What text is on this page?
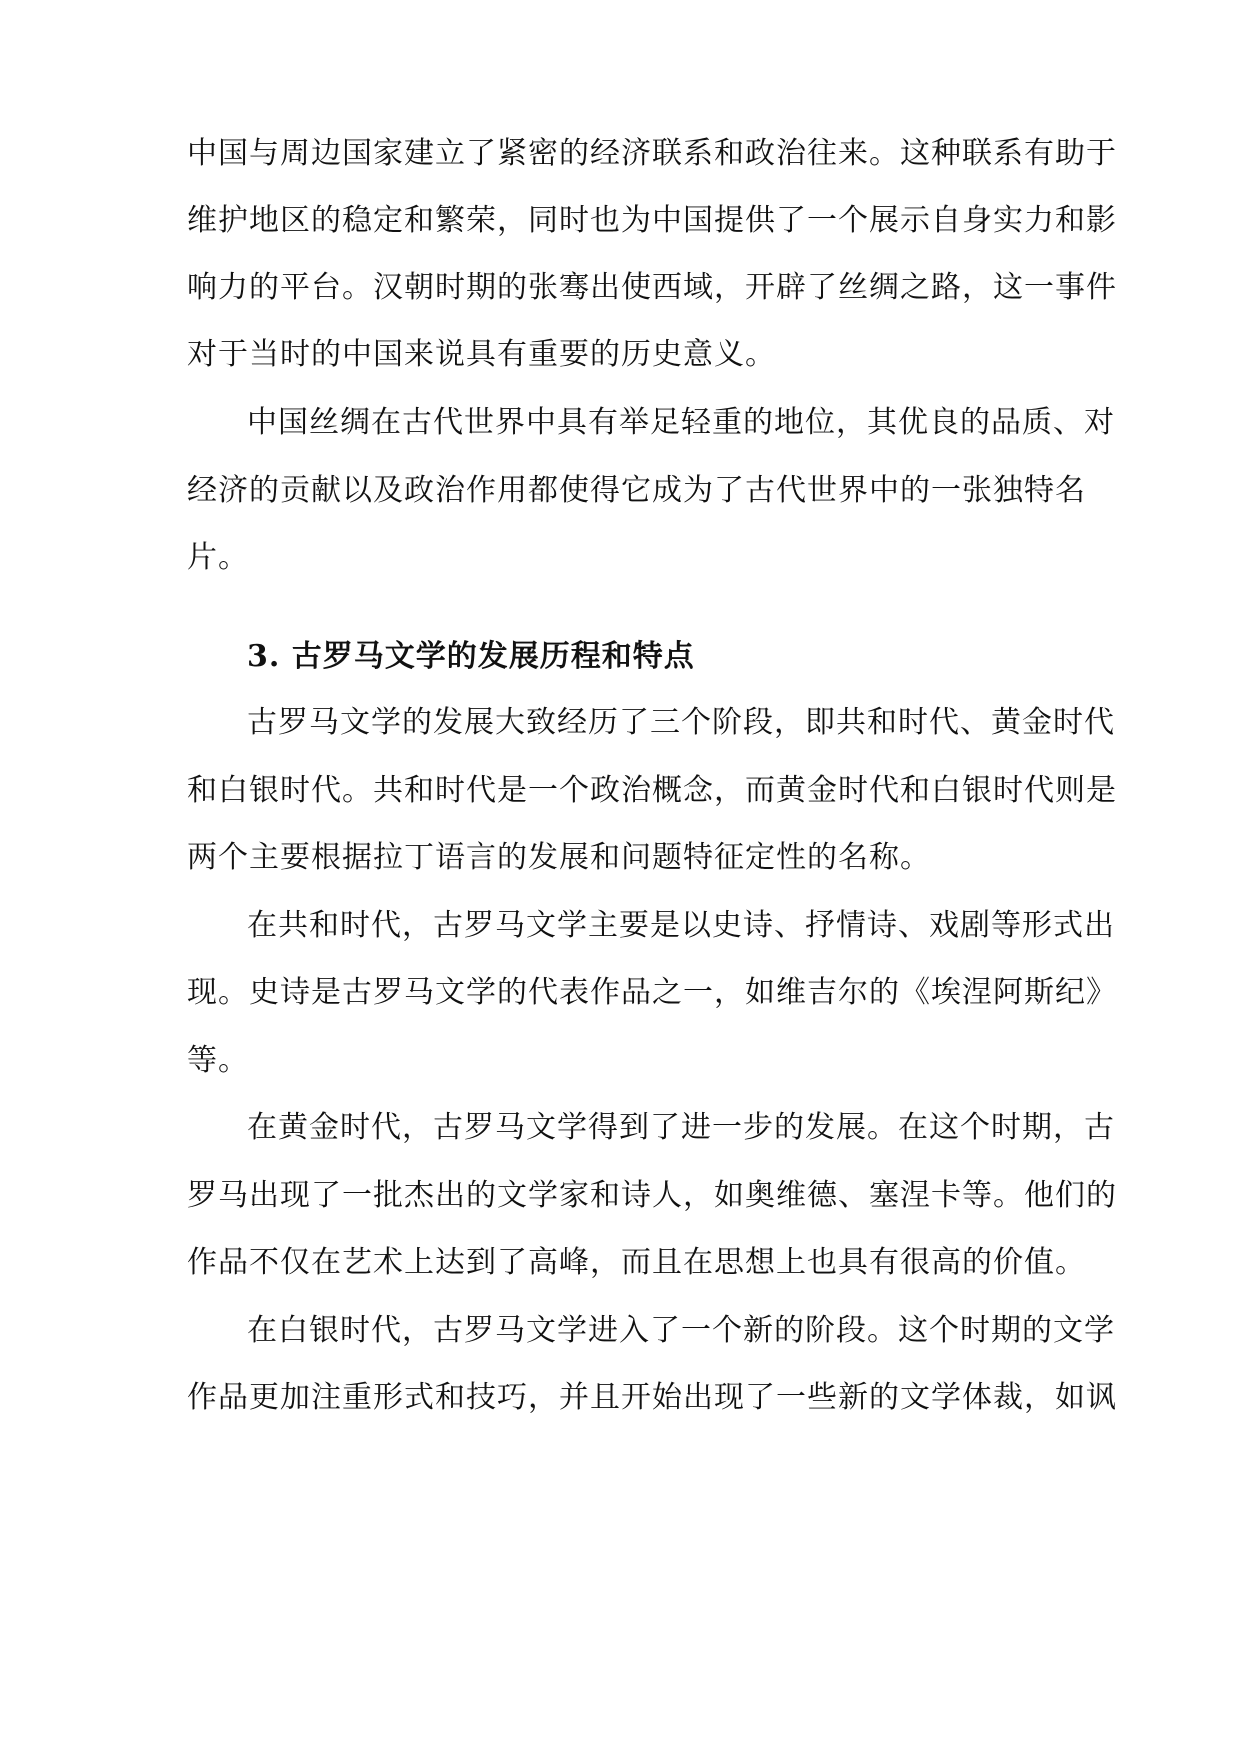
中国与周边国家建立了紧密的经济联系和政治往来。这种联系有助于
维护地区的稳定和繁荣，同时也为中国提供了一个展示自身实力和影
响力的平台。汉朝时期的张骞出使西域，开辟了丝绸之路，这一事件
对于当时的中国来说具有重要的历史意义。
中国丝绸在古代世界中具有举足轻重的地位，其优良的品质、对
经济的贡献以及政治作用都使得它成为了古代世界中的一张独特名
片。
3. 古罗马文学的发展历程和特点
古罗马文学的发展大致经历了三个阶段，即共和时代、黄金时代
和白银时代。共和时代是一个政治概念，而黄金时代和白银时代则是
两个主要根据拉丁语言的发展和问题特征定性的名称。
在共和时代，古罗马文学主要是以史诗、抒情诗、戏剧等形式出
现。史诗是古罗马文学的代表作品之一，如维吉尔的《埃涅阿斯纪》
等。
在黄金时代，古罗马文学得到了进一步的发展。在这个时期，古
罗马出现了一批杰出的文学家和诗人，如奥维德、塞涅卡等。他们的
作品不仅在艺术上达到了高峰，而且在思想上也具有很高的价值。
在白银时代，古罗马文学进入了一个新的阶段。这个时期的文学
作品更加注重形式和技巧，并且开始出现了一些新的文学体裁，如讽
